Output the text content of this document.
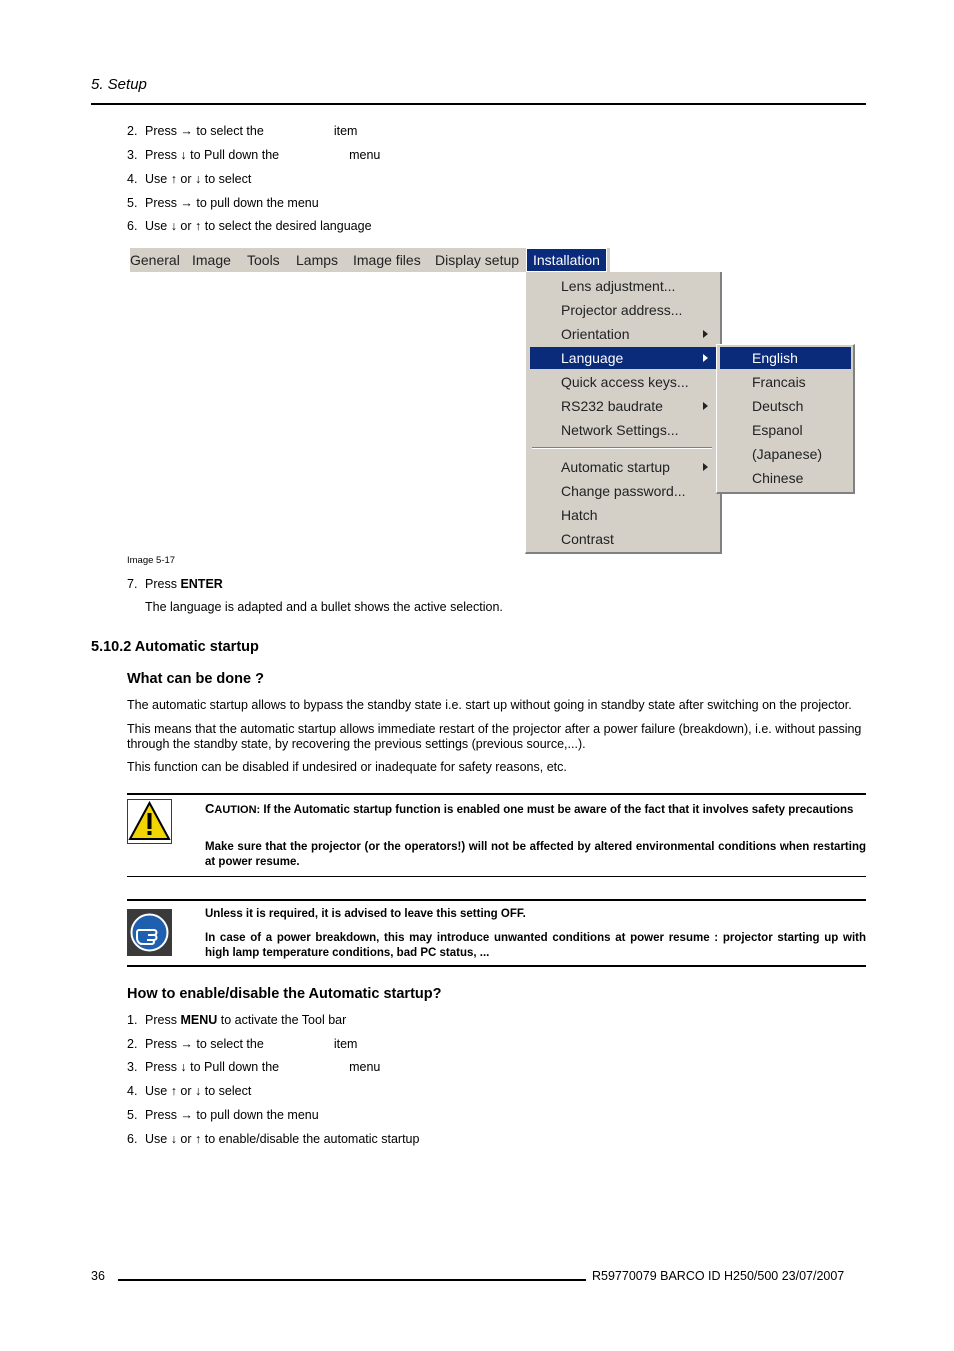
5. Setup
2. Press → to select the	item
3. Press ↓ to Pull down the	menu
4. Use ↑ or ↓ to select
5. Press → to pull down the menu
6. Use ↓ or ↑ to select the desired language
General Image Tools Lamps Image files Display setup Installation
Lens adjustment...
Projector address...
Orientation
Language
Quick access keys...
RS232 baudrate
Network Settings...
Automatic startup
Change password...
Hatch
Contrast
English
Francais
Deutsch
Espanol
(Japanese)
Chinese
Image 5-17
7. Press ENTER
The language is adapted and a bullet shows the active selection.
5.10.2 Automatic startup
What can be done ?
The automatic startup allows to bypass the standby state i.e. start up without going in standby state after switching on the projector.
This means that the automatic startup allows immediate restart of the projector after a power failure (breakdown), i.e. without passing through the standby state, by recovering the previous settings (previous source,...).
This function can be disabled if undesired or inadequate for safety reasons, etc.
CAUTION: If the Automatic startup function is enabled one must be aware of the fact that it involves safety precautions
Make sure that the projector (or the operators!) will not be affected by altered environmental conditions when restarting at power resume.
Unless it is required, it is advised to leave this setting OFF.
In case of a power breakdown, this may introduce unwanted conditions at power resume : projector starting up with high lamp temperature conditions, bad PC status, ...
How to enable/disable the Automatic startup?
1. Press MENU to activate the Tool bar
2. Press → to select the	item
3. Press ↓ to Pull down the	menu
4. Use ↑ or ↓ to select
5. Press → to pull down the menu
6. Use ↓ or ↑ to enable/disable the automatic startup
36	R59770079 BARCO ID H250/500 23/07/2007
